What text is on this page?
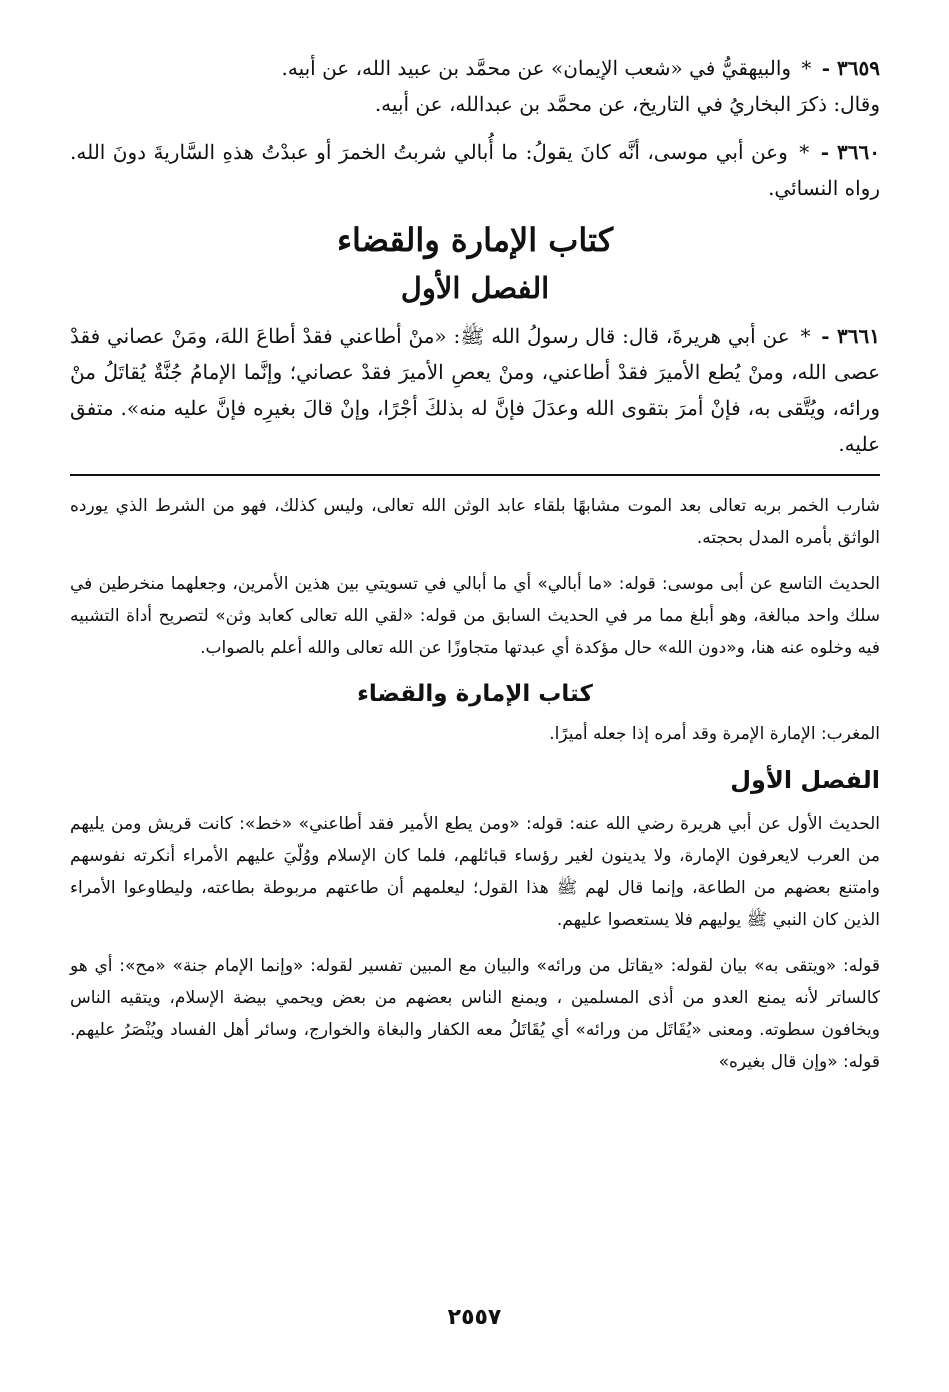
٣٦٥٩ - * والبيهقيُّ في «شعب الإيمان» عن محمَّد بن عبيد الله، عن أبيه.
وقال: ذكرَ البخاريُ في التاريخ، عن محمَّد بن عبدالله، عن أبيه.

٣٦٦٠ - * وعن أبي موسى، أنَّه كانَ يقولُ: ما أُبالي شربتُ الخمرَ أو عبدْتُ هذهِ السَّاريةَ دونَ الله. رواه النسائي.

كتاب الإمارة والقضاء
الفصل الأول

٣٦٦١ - * عن أبي هريرةَ، قال: قال رسولُ الله ﷺ: «منْ أطاعني فقدْ أطاعَ اللهَ، ومَنْ عصاني فقدْ عصى الله، ومنْ يُطع الأميرَ فقدْ أطاعني، ومنْ يعصِ الأميرَ فقدْ عصاني؛ وإنَّما الإمامُ جُنَّةٌ يُقاتَلُ منْ ورائه، ويُتَّقى به، فإنْ أمرَ بتقوى الله وعدَلَ فإنَّ له بذلكَ أجْرًا، وإنْ قالَ بغيرِه فإنَّ عليه منه». متفق عليه.

شارب الخمر بربه تعالى بعد الموت مشابهًا بلقاء عابد الوثن الله تعالى، وليس كذلك، فهو من الشرط الذي يورده الواثق بأمره المدل بحجته.

الحديث التاسع عن أبى موسى: قوله: «ما أبالي» أي ما أبالي في تسويتي بين هذين الأمرين، وجعلهما منخرطين في سلك واحد مبالغة، وهو أبلغ مما مر في الحديث السابق من قوله: «لقي الله تعالى كعابد وثن» لتصريح أداة التشبيه فيه وخلوه عنه هنا، و«دون الله» حال مؤكدة أي عبدتها متجاوزًا عن الله تعالى والله أعلم بالصواب.

كتاب الإمارة والقضاء

المغرب: الإمارة الإمرة وقد أمره إذا جعله أميرًا.

الفصل الأول

الحديث الأول عن أبي هريرة رضي الله عنه: قوله: «ومن يطع الأمير فقد أطاعني» «خط»: كانت قريش ومن يليهم من العرب لايعرفون الإمارة، ولا يدينون لغير رؤساء قبائلهم، فلما كان الإسلام ووُلّيَ عليهم الأمراء أنكرته نفوسهم وامتنع بعضهم من الطاعة، وإنما قال لهم ﷺ هذا القول؛ ليعلمهم أن طاعتهم مربوطة بطاعته، وليطاوعوا الأمراء الذين كان النبي ﷺ يوليهم فلا يستعصوا عليهم.

قوله: «ويتقى به» بيان لقوله: «يقاتل من ورائه» والبيان مع المبين تفسير لقوله: «وإنما الإمام جنة» «مح»: أي هو كالساتر لأنه يمنع العدو من أذى المسلمين ، ويمنع الناس بعضهم من بعض ويحمي بيضة الإسلام، ويتقيه الناس ويخافون سطوته. ومعنى «يُقَاتَل من ورائه» أي يُقَاتَلُ معه الكفار والبغاة والخوارج، وسائر أهل الفساد ويُنْصَرُ عليهم. قوله: «وإن قال بغيره»

٢٥٥٧
